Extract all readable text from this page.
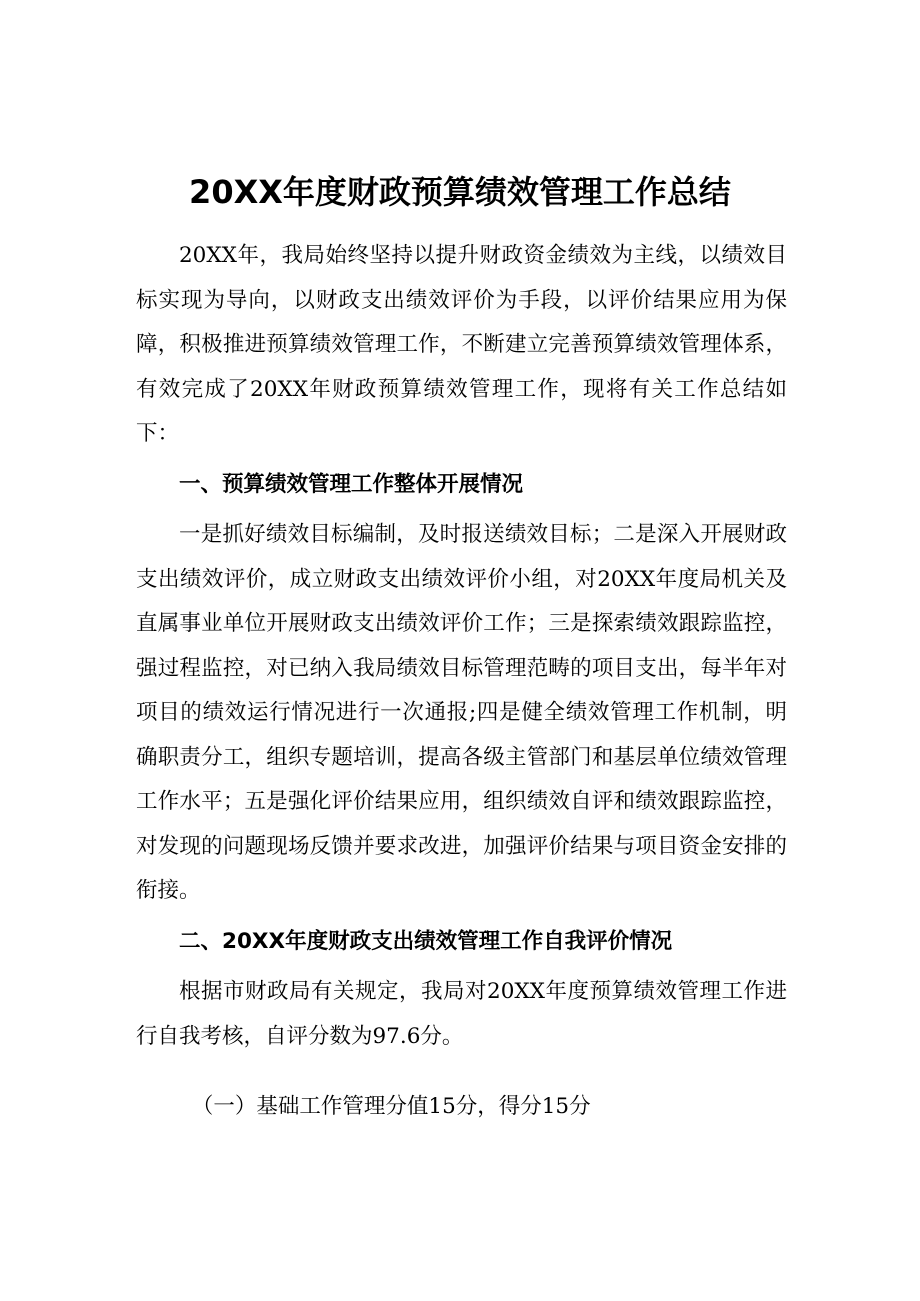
20XX年度财政预算绩效管理工作总结

20XX年，我局始终坚持以提升财政资金绩效为主线，以绩效目标实现为导向，以财政支出绩效评价为手段，以评价结果应用为保障，积极推进预算绩效管理工作，不断建立完善预算绩效管理体系，有效完成了20XX年财政预算绩效管理工作，现将有关工作总结如下：

一、预算绩效管理工作整体开展情况

一是抓好绩效目标编制，及时报送绩效目标；二是深入开展财政支出绩效评价，成立财政支出绩效评价小组，对20XX年度局机关及直属事业单位开展财政支出绩效评价工作；三是探索绩效跟踪监控，强过程监控，对已纳入我局绩效目标管理范畴的项目支出，每半年对项目的绩效运行情况进行一次通报;四是健全绩效管理工作机制，明确职责分工，组织专题培训，提高各级主管部门和基层单位绩效管理工作水平；五是强化评价结果应用，组织绩效自评和绩效跟踪监控，对发现的问题现场反馈并要求改进，加强评价结果与项目资金安排的衔接。

二、20XX年度财政支出绩效管理工作自我评价情况

根据市财政局有关规定，我局对20XX年度预算绩效管理工作进行自我考核，自评分数为97.6分。

（一）基础工作管理分值15分，得分15分
